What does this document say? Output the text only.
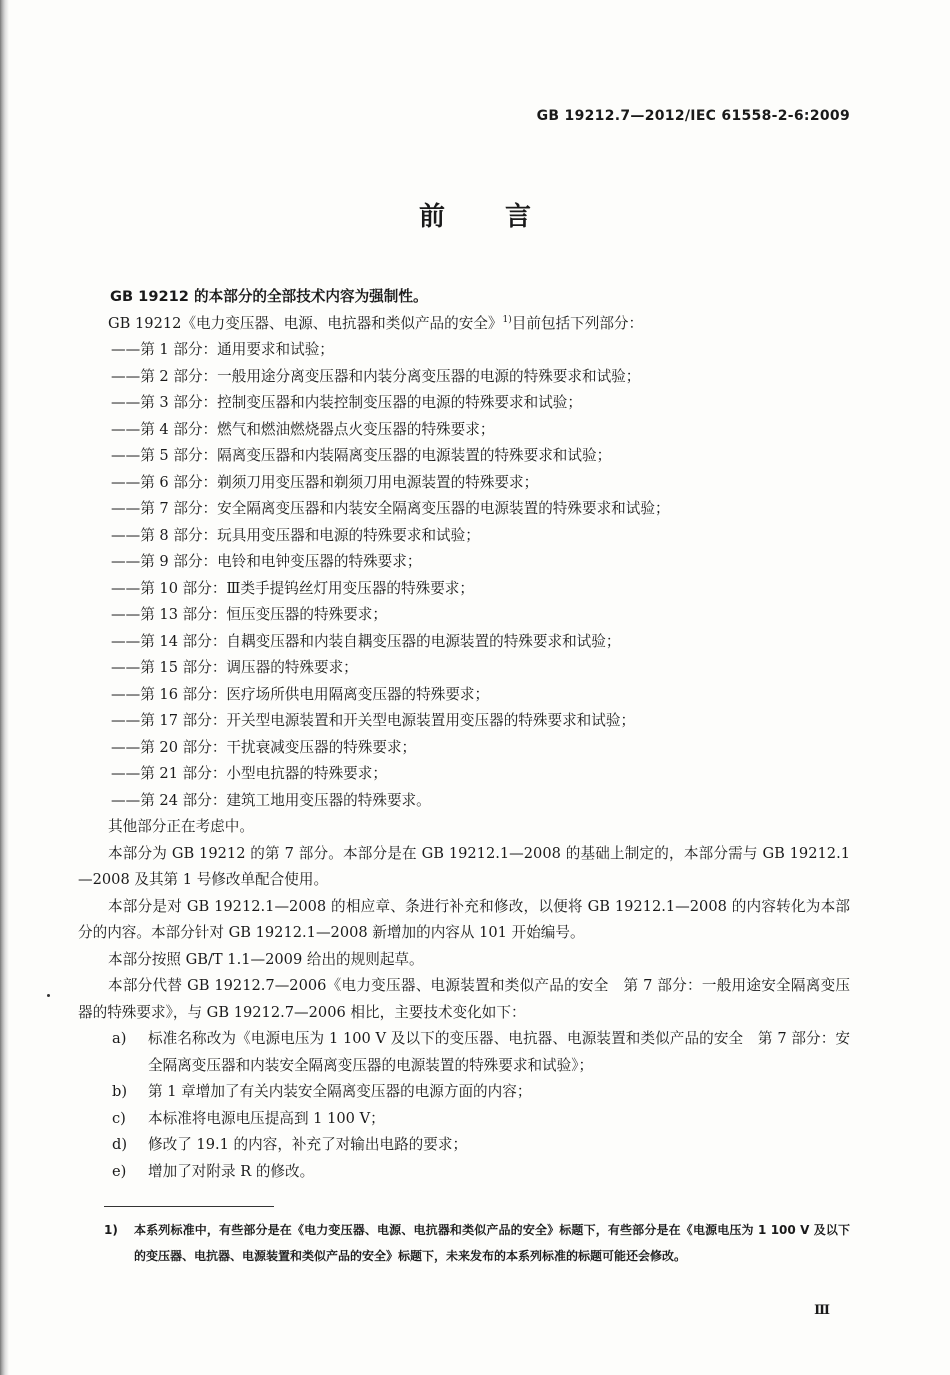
GB 19212.7—2012/IEC 61558-2-6:2009
前 言

GB 19212 的本部分的全部技术内容为强制性。

GB 19212《电力变压器、电源、电抗器和类似产品的安全》$^{1)}$目前包括下列部分：

——第 1 部分：通用要求和试验；

——第 2 部分：一般用途分离变压器和内装分离变压器的电源的特殊要求和试验；

——第 3 部分：控制变压器和内装控制变压器的电源的特殊要求和试验；

——第 4 部分：燃气和燃油燃烧器点火变压器的特殊要求；

——第 5 部分：隔离变压器和内装隔离变压器的电源装置的特殊要求和试验；

——第 6 部分：剃须刀用变压器和剃须刀用电源装置的特殊要求；

——第 7 部分：安全隔离变压器和内装安全隔离变压器的电源装置的特殊要求和试验；

——第 8 部分：玩具用变压器和电源的特殊要求和试验；

——第 9 部分：电铃和电钟变压器的特殊要求；

——第 10 部分：Ⅲ类手提钨丝灯用变压器的特殊要求；

——第 13 部分：恒压变压器的特殊要求；

——第 14 部分：自耦变压器和内装自耦变压器的电源装置的特殊要求和试验；

——第 15 部分：调压器的特殊要求；

——第 16 部分：医疗场所供电用隔离变压器的特殊要求；

——第 17 部分：开关型电源装置和开关型电源装置用变压器的特殊要求和试验；

——第 20 部分：干扰衰减变压器的特殊要求；

——第 21 部分：小型电抗器的特殊要求；

——第 24 部分：建筑工地用变压器的特殊要求。

其他部分正在考虑中。

本部分为 GB 19212 的第 7 部分。本部分是在 GB 19212.1—2008 的基础上制定的，本部分需与 GB 19212.1—2008 及其第 1 号修改单配合使用。

本部分是对 GB 19212.1—2008 的相应章、条进行补充和修改，以便将 GB 19212.1—2008 的内容转化为本部分的内容。本部分针对 GB 19212.1—2008 新增加的内容从 101 开始编号。

本部分按照 GB/T 1.1—2009 给出的规则起草。

本部分代替 GB 19212.7—2006《电力变压器、电源装置和类似产品的安全　第 7 部分：一般用途安全隔离变压器的特殊要求》，与 GB 19212.7—2006 相比，主要技术变化如下：

a) 标准名称改为《电源电压为 1 100 V 及以下的变压器、电抗器、电源装置和类似产品的安全　第 7 部分：安全隔离变压器和内装安全隔离变压器的电源装置的特殊要求和试验》；

b) 第 1 章增加了有关内装安全隔离变压器的电源方面的内容；

c) 本标准将电源电压提高到 1 100 V；

d) 修改了 19.1 的内容，补充了对输出电路的要求；

e) 增加了对附录 R 的修改。

1) 本系列标准中，有些部分是在《电力变压器、电源、电抗器和类似产品的安全》标题下，有些部分是在《电源电压为 1 100 V 及以下的变压器、电抗器、电源装置和类似产品的安全》标题下，未来发布的本系列标准的标题可能还会修改。
Ⅲ
